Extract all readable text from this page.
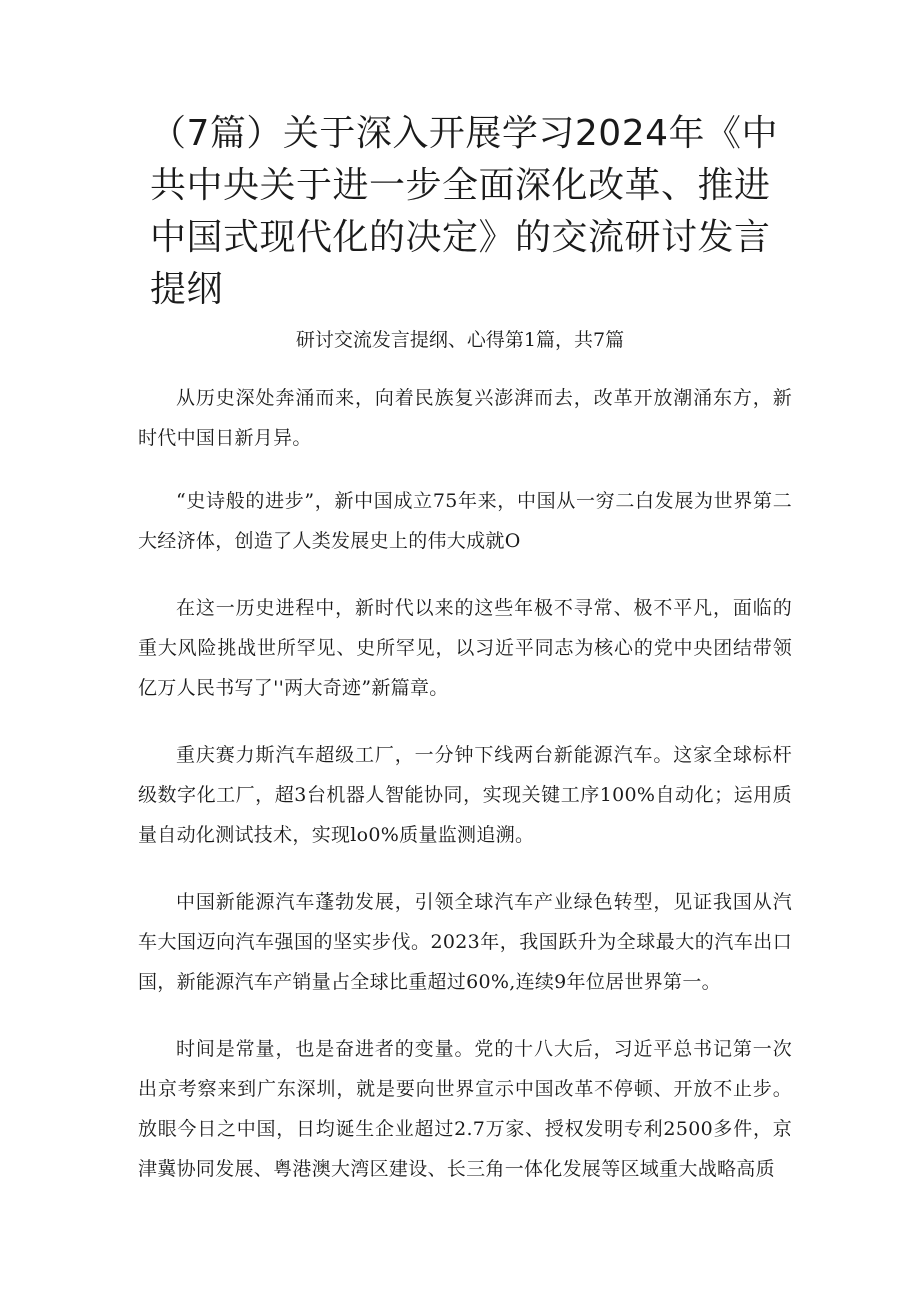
（7篇）关于深入开展学习2024年《中共中央关于进一步全面深化改革、推进中国式现代化的决定》的交流研讨发言提纲
研讨交流发言提纲、心得第1篇，共7篇

从历史深处奔涌而来，向着民族复兴澎湃而去，改革开放潮涌东方，新时代中国日新月异。

“史诗般的进步”，新中国成立75年来，中国从一穷二白发展为世界第二大经济体，创造了人类发展史上的伟大成就O

在这一历史进程中，新时代以来的这些年极不寻常、极不平凡，面临的重大风险挑战世所罕见、史所罕见，以习近平同志为核心的党中央团结带领亿万人民书写了''两大奇迹”新篇章。

重庆赛力斯汽车超级工厂，一分钟下线两台新能源汽车。这家全球标杆级数字化工厂，超3台机器人智能协同，实现关键工序100%自动化；运用质量自动化测试技术，实现lo0%质量监测追溯。

中国新能源汽车蓬勃发展，引领全球汽车产业绿色转型，见证我国从汽车大国迈向汽车强国的坚实步伐。2023年，我国跃升为全球最大的汽车出口国，新能源汽车产销量占全球比重超过60%,连续9年位居世界第一。

时间是常量，也是奋进者的变量。党的十八大后，习近平总书记第一次出京考察来到广东深圳，就是要向世界宣示中国改革不停顿、开放不止步。放眼今日之中国，日均诞生企业超过2.7万家、授权发明专利2500多件，京津冀协同发展、粤港澳大湾区建设、长三角一体化发展等区域重大战略高质
